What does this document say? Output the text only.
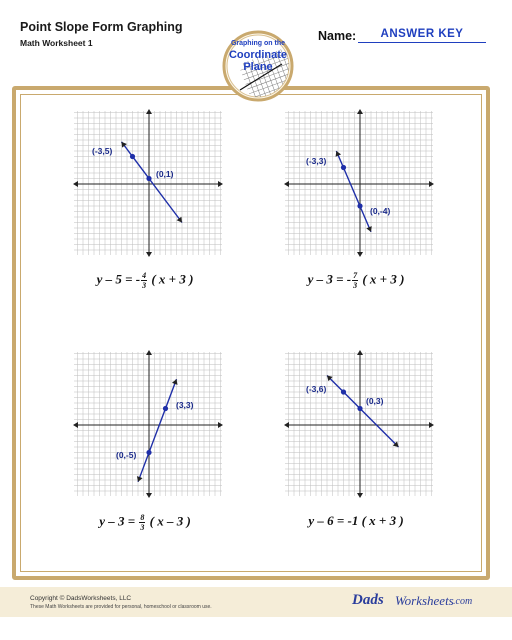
Point Slope Form Graphing
Math Worksheet 1	Name:	ANSWER KEY
Graphing on the
Coordinate
Plane
(-3,5)
(0,1)
y – 5 = - $\frac{4}{3}$ ( x + 3 )
(-3,3)
(0,-4)
y – 3 = - $\frac{7}{3}$ ( x + 3 )
(3,3)
(0,-5)
$y - 3 = \frac{8}{3}$ ( x – 3 )
(-3,6)
(0,3)
y – 6 = -1 ( x + 3 )
Copyright © DadsWorksheets, LLC
These Math Worksheets are provided for personal, homeschool or classroom use.	Dads Worksheets .com
